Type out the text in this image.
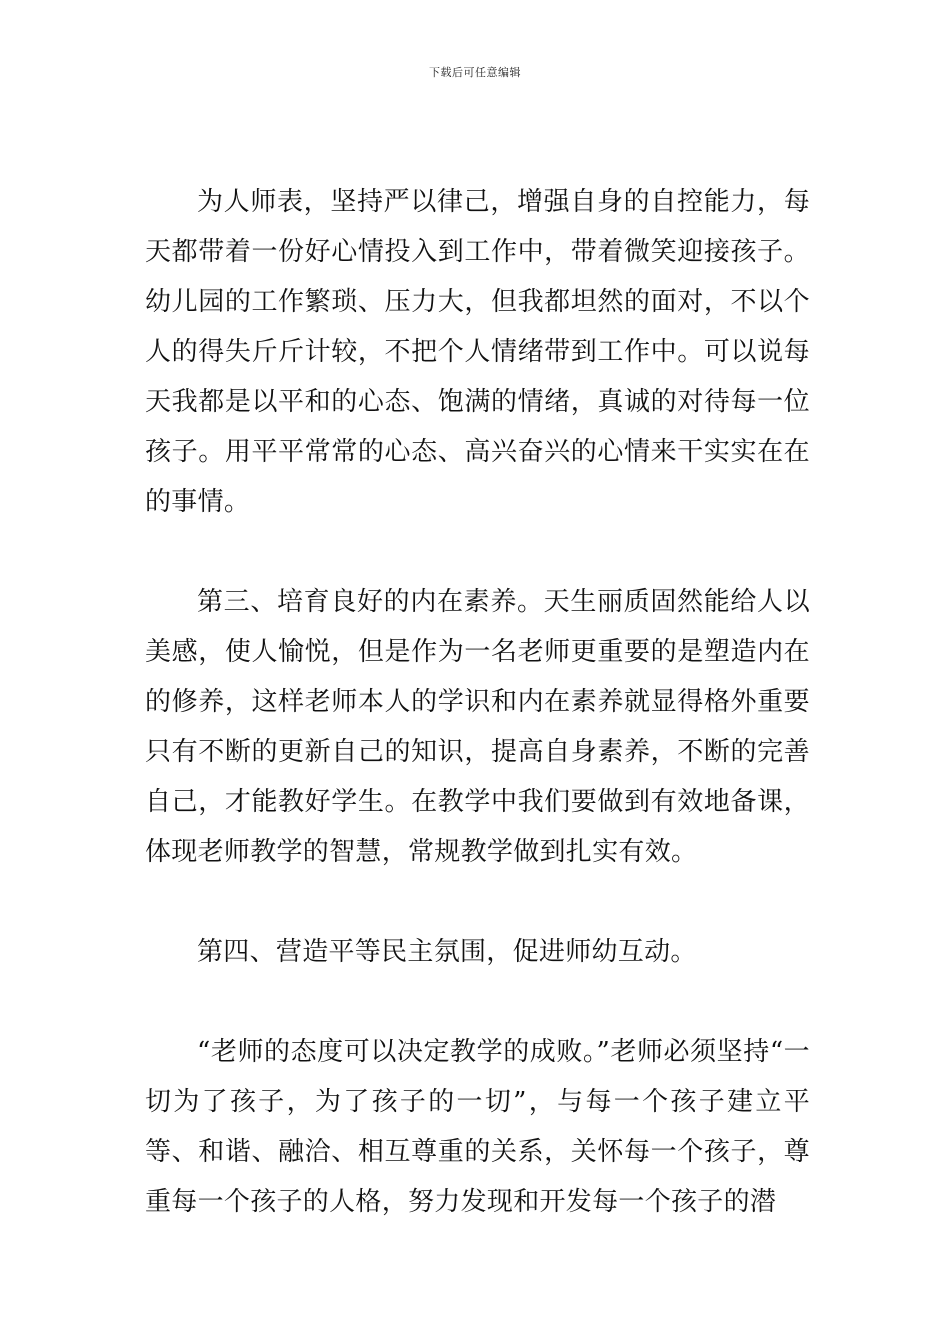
下载后可任意编辑

为人师表，坚持严以律己，增强自身的自控能力，每天都带着一份好心情投入到工作中，带着微笑迎接孩子。幼儿园的工作繁琐、压力大，但我都坦然的面对，不以个人的得失斤斤计较，不把个人情绪带到工作中。可以说每天我都是以平和的心态、饱满的情绪，真诚的对待每一位孩子。用平平常常的心态、高兴奋兴的心情来干实实在在的事情。

第三、培育良好的内在素养。天生丽质固然能给人以美感，使人愉悦，但是作为一名老师更重要的是塑造内在的修养，这样老师本人的学识和内在素养就显得格外重要只有不断的更新自己的知识，提高自身素养，不断的完善自己，才能教好学生。在教学中我们要做到有效地备课，体现老师教学的智慧，常规教学做到扎实有效。

第四、营造平等民主氛围，促进师幼互动。

“老师的态度可以决定教学的成败。”老师必须坚持“一切为了孩子，为了孩子的一切”，与每一个孩子建立平等、和谐、融洽、相互尊重的关系，关怀每一个孩子，尊重每一个孩子的人格，努力发现和开发每一个孩子的潜
